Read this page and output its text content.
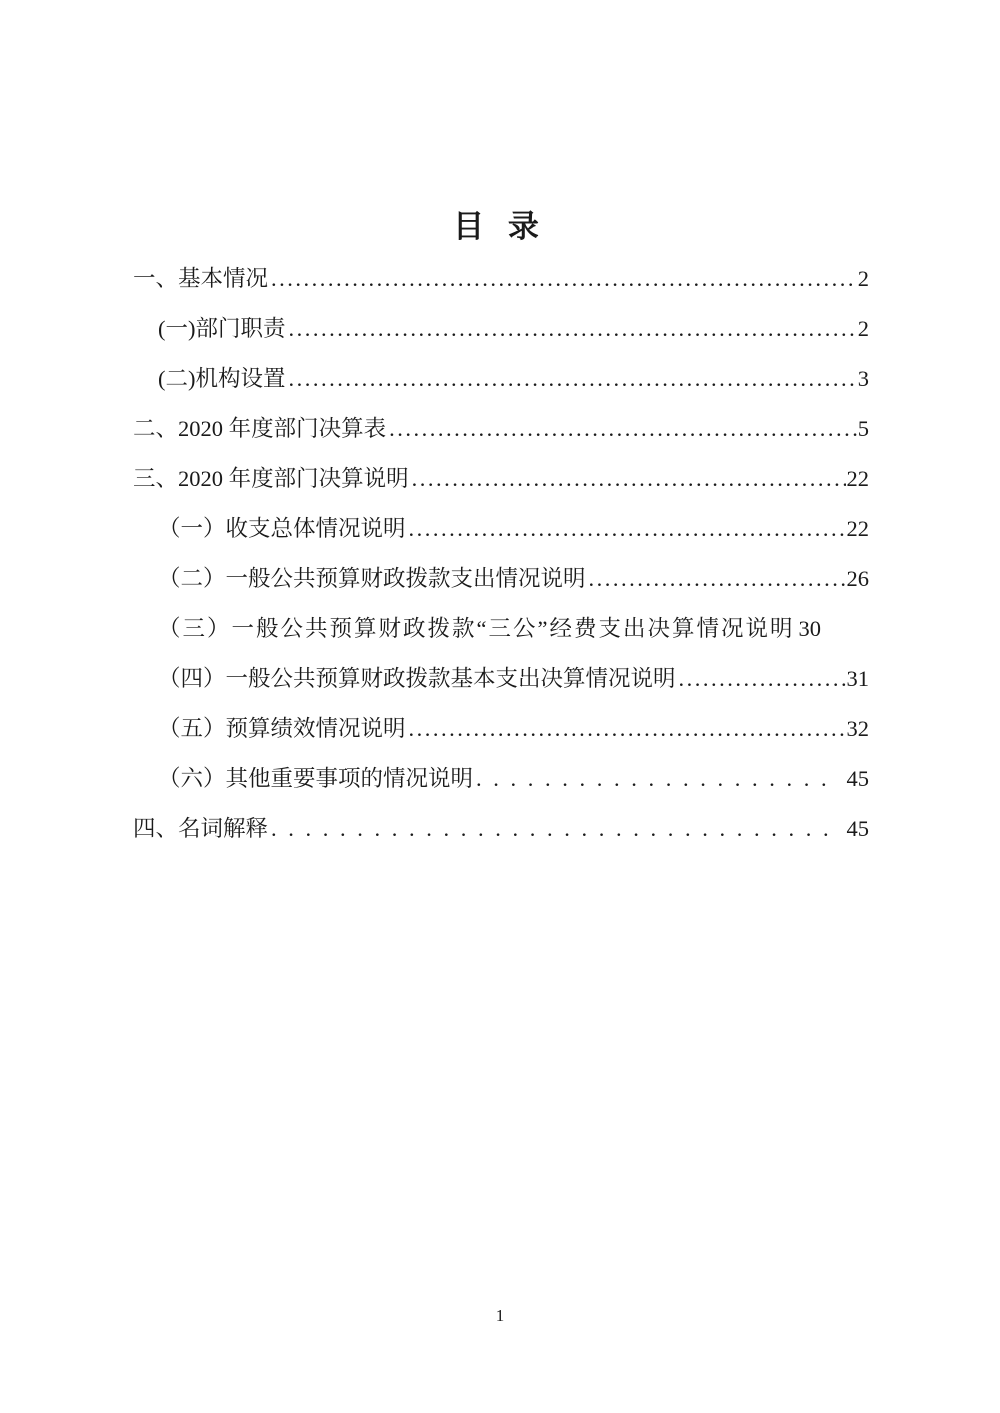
目 录
一、基本情况 .....	2
(一)部门职责 .....	2
(二)机构设置 .....	3
二、2020 年度部门决算表 .....	5
三、2020 年度部门决算说明 .....	22
（一）收支总体情况说明 .....	22
（二）一般公共预算财政拨款支出情况说明 .....	26
（三）一般公共预算财政拨款“三公”经费支出决算情况说明 30
（四）一般公共预算财政拨款基本支出决算情况说明 .....	31
（五）预算绩效情况说明 .....	32
（六）其他重要事项的情况说明 . . .	45
四、名词解释 . . .	45
1
